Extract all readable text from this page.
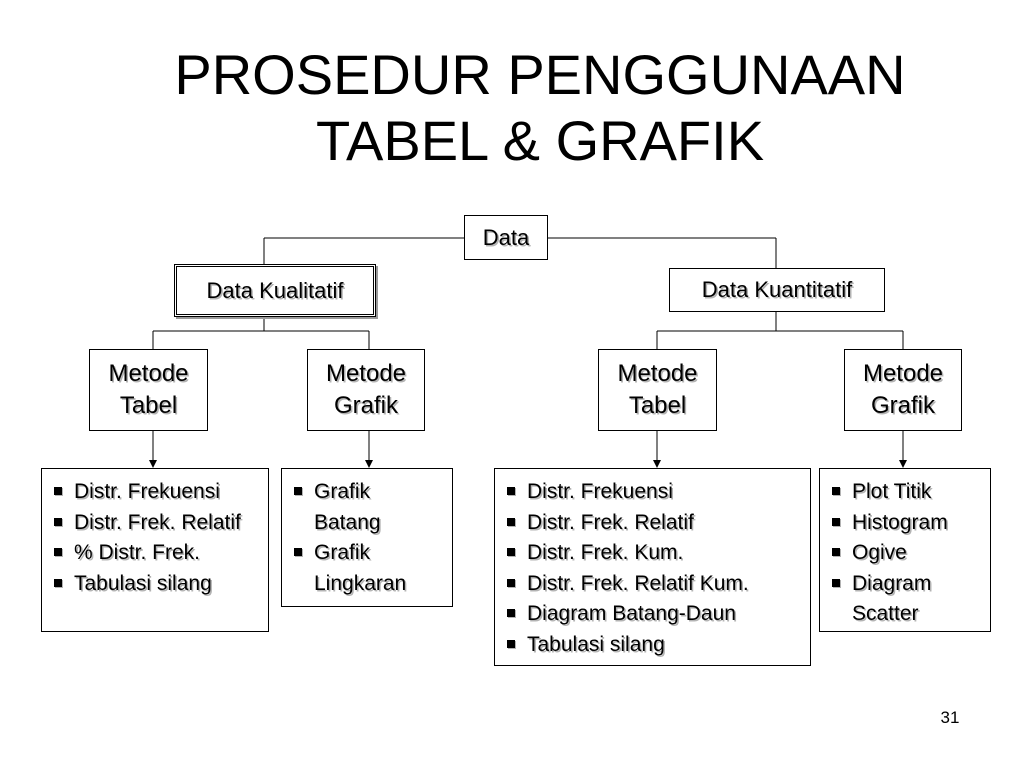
PROSEDUR PENGGUNAAN
TABEL & GRAFIK
Data
Data Kualitatif	Data Kuantitatif
Metode
Tabel
Metode
Grafik
Metode
Tabel
Metode
Grafik
Distr. Frekuensi
Distr. Frek. Relatif
% Distr. Frek.
Tabulasi silang
Grafik Batang
Grafik Lingkaran
Distr. Frekuensi
Distr. Frek. Relatif
Distr. Frek. Kum.
Distr. Frek. Relatif Kum.
Diagram Batang-Daun
Tabulasi silang
Plot Titik
Histogram
Ogive
Diagram Scatter
31
